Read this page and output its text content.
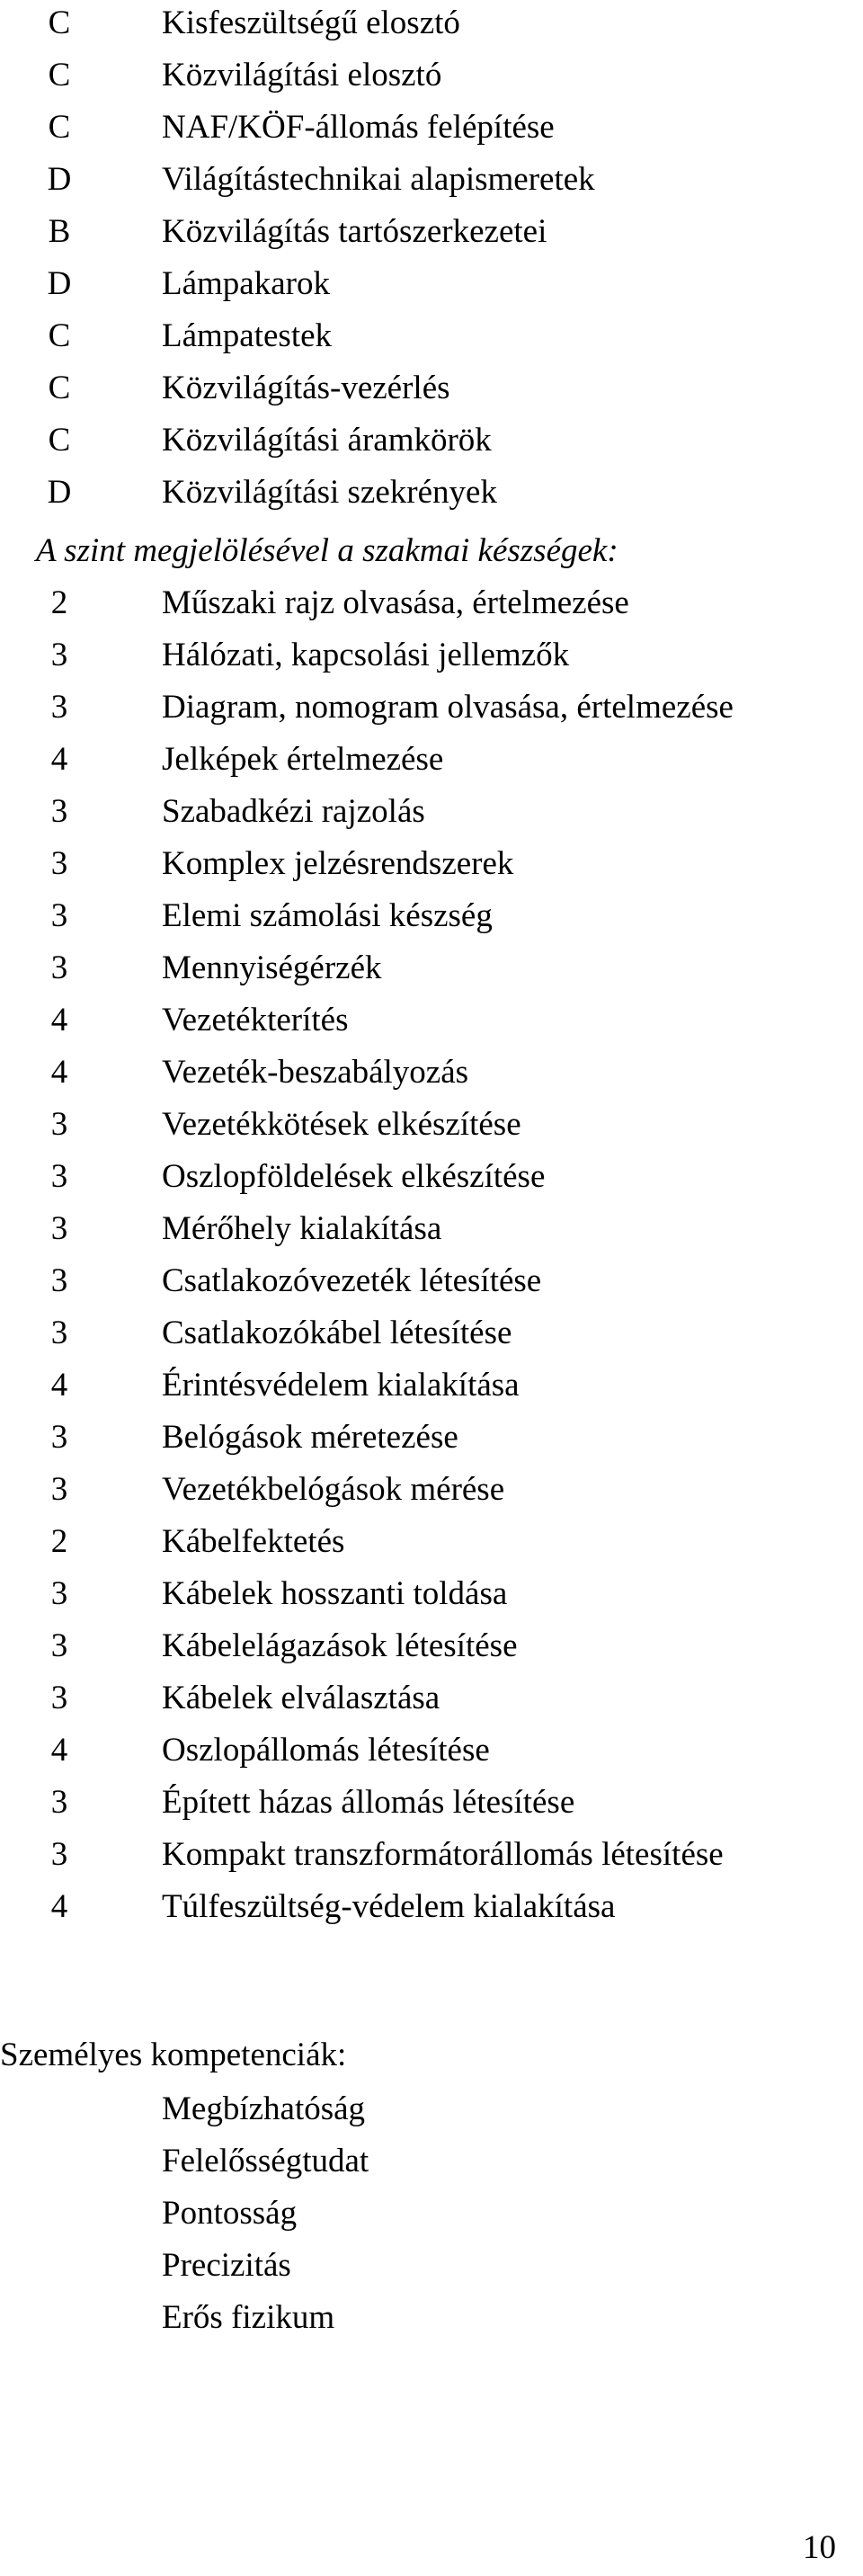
C	Kisfeszültségű elosztó
C	Közvilágítási elosztó
C	NAF/KÖF-állomás felépítése
D	Világítástechnikai alapismeretek
B	Közvilágítás tartószerkezetei
D	Lámpakarok
C	Lámpatestek
C	Közvilágítás-vezérlés
C	Közvilágítási áramkörök
D	Közvilágítási szekrények
A szint megjelölésével a szakmai készségek:
2	Műszaki rajz olvasása, értelmezése
3	Hálózati, kapcsolási jellemzők
3	Diagram, nomogram olvasása, értelmezése
4	Jelképek értelmezése
3	Szabadkézi rajzolás
3	Komplex jelzésrendszerek
3	Elemi számolási készség
3	Mennyiségérzék
4	Vezetékterítés
4	Vezeték-beszabályozás
3	Vezetékkötések elkészítése
3	Oszlopföldelések elkészítése
3	Mérőhely kialakítása
3	Csatlakozóvezeték létesítése
3	Csatlakozókábel létesítése
4	Érintésvédelem kialakítása
3	Belógások méretezése
3	Vezetékbelógások mérése
2	Kábelfektetés
3	Kábelek hosszanti toldása
3	Kábelelágazások létesítése
3	Kábelek elválasztása
4	Oszlopállomás létesítése
3	Épített házas állomás létesítése
3	Kompakt transzformátorállomás létesítése
4	Túlfeszültség-védelem kialakítása
Személyes kompetenciák:
Megbízhatóság
Felelősségtudat
Pontosság
Precizitás
Erős fizikum
10
